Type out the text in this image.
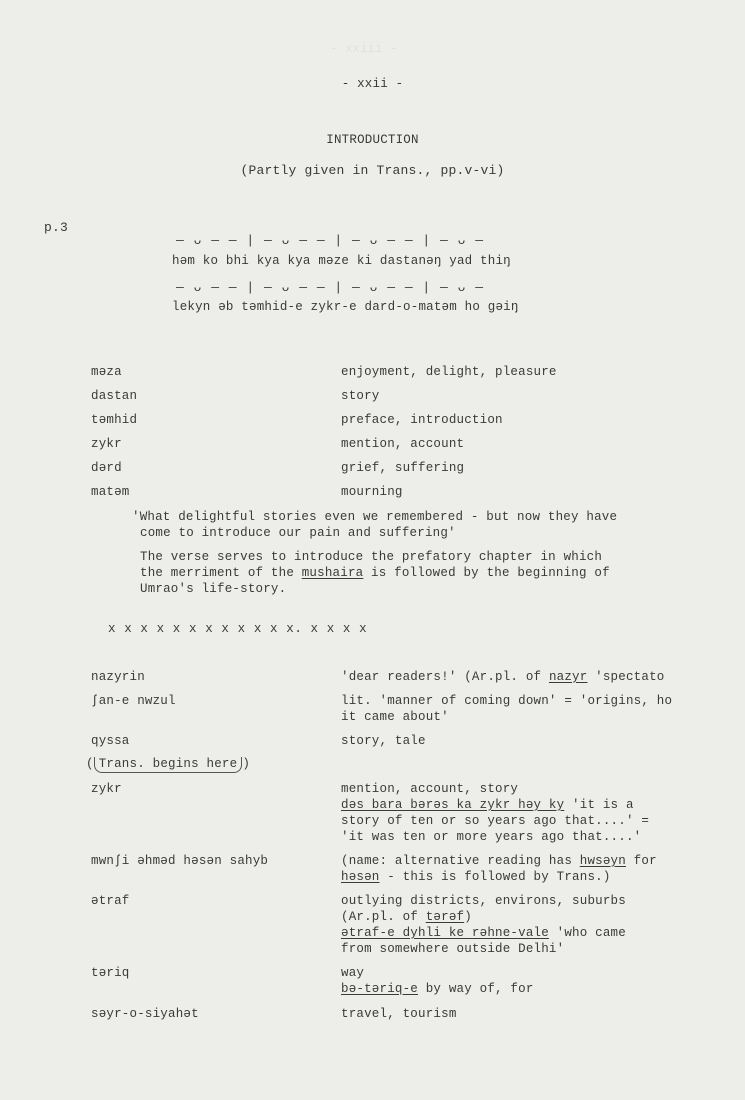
- xxiii -
- xxii -
INTRODUCTION
(Partly given in Trans., pp.v-vi)
p.3
— ᴗ — — | — ᴗ — — | — ᴗ — — | — ᴗ —
həm ko bhi kya kya məze ki dastanəŋ yad thiŋ
— ᴗ — — | — ᴗ — — | — ᴗ — — | — ᴗ —
lekyn əb təmhid-e zykr-e dard-o-matəm ho gəiŋ
məza	enjoyment, delight, pleasure
dastan	story
təmhid	preface, introduction
zykr	mention, account
dərd	grief, suffering
matəm	mourning
'What delightful stories even we remembered - but now they have
come to introduce our pain and suffering'
The verse serves to introduce the prefatory chapter in which
the merriment of the mushaira is followed by the beginning of
Umrao's life-story.
x x x x x x x x x x x x. x x x x
nazyrin	'dear readers!' (Ar.pl. of nazyr 'spectato
ʃan-e nwzul	lit. 'manner of coming down' = 'origins, ho
it came about'
qyssa	story, tale
( Trans. begins here )
zykr	mention, account, story
dəs bara bərəs ka zykr həy ky 'it is a
story of ten or so years ago that....' =
'it was ten or more years ago that....'
mwnʃi əhməd həsən sahyb	(name: alternative reading has hwsəyn for
həsən - this is followed by Trans.)
ətraf	outlying districts, environs, suburbs
(Ar.pl. of tərəf)
ətraf-e dyhli ke rəhne-vale 'who came
from somewhere outside Delhi'
təriq	way
bə-təriq-e by way of, for
səyr-o-siyahət	travel, tourism
